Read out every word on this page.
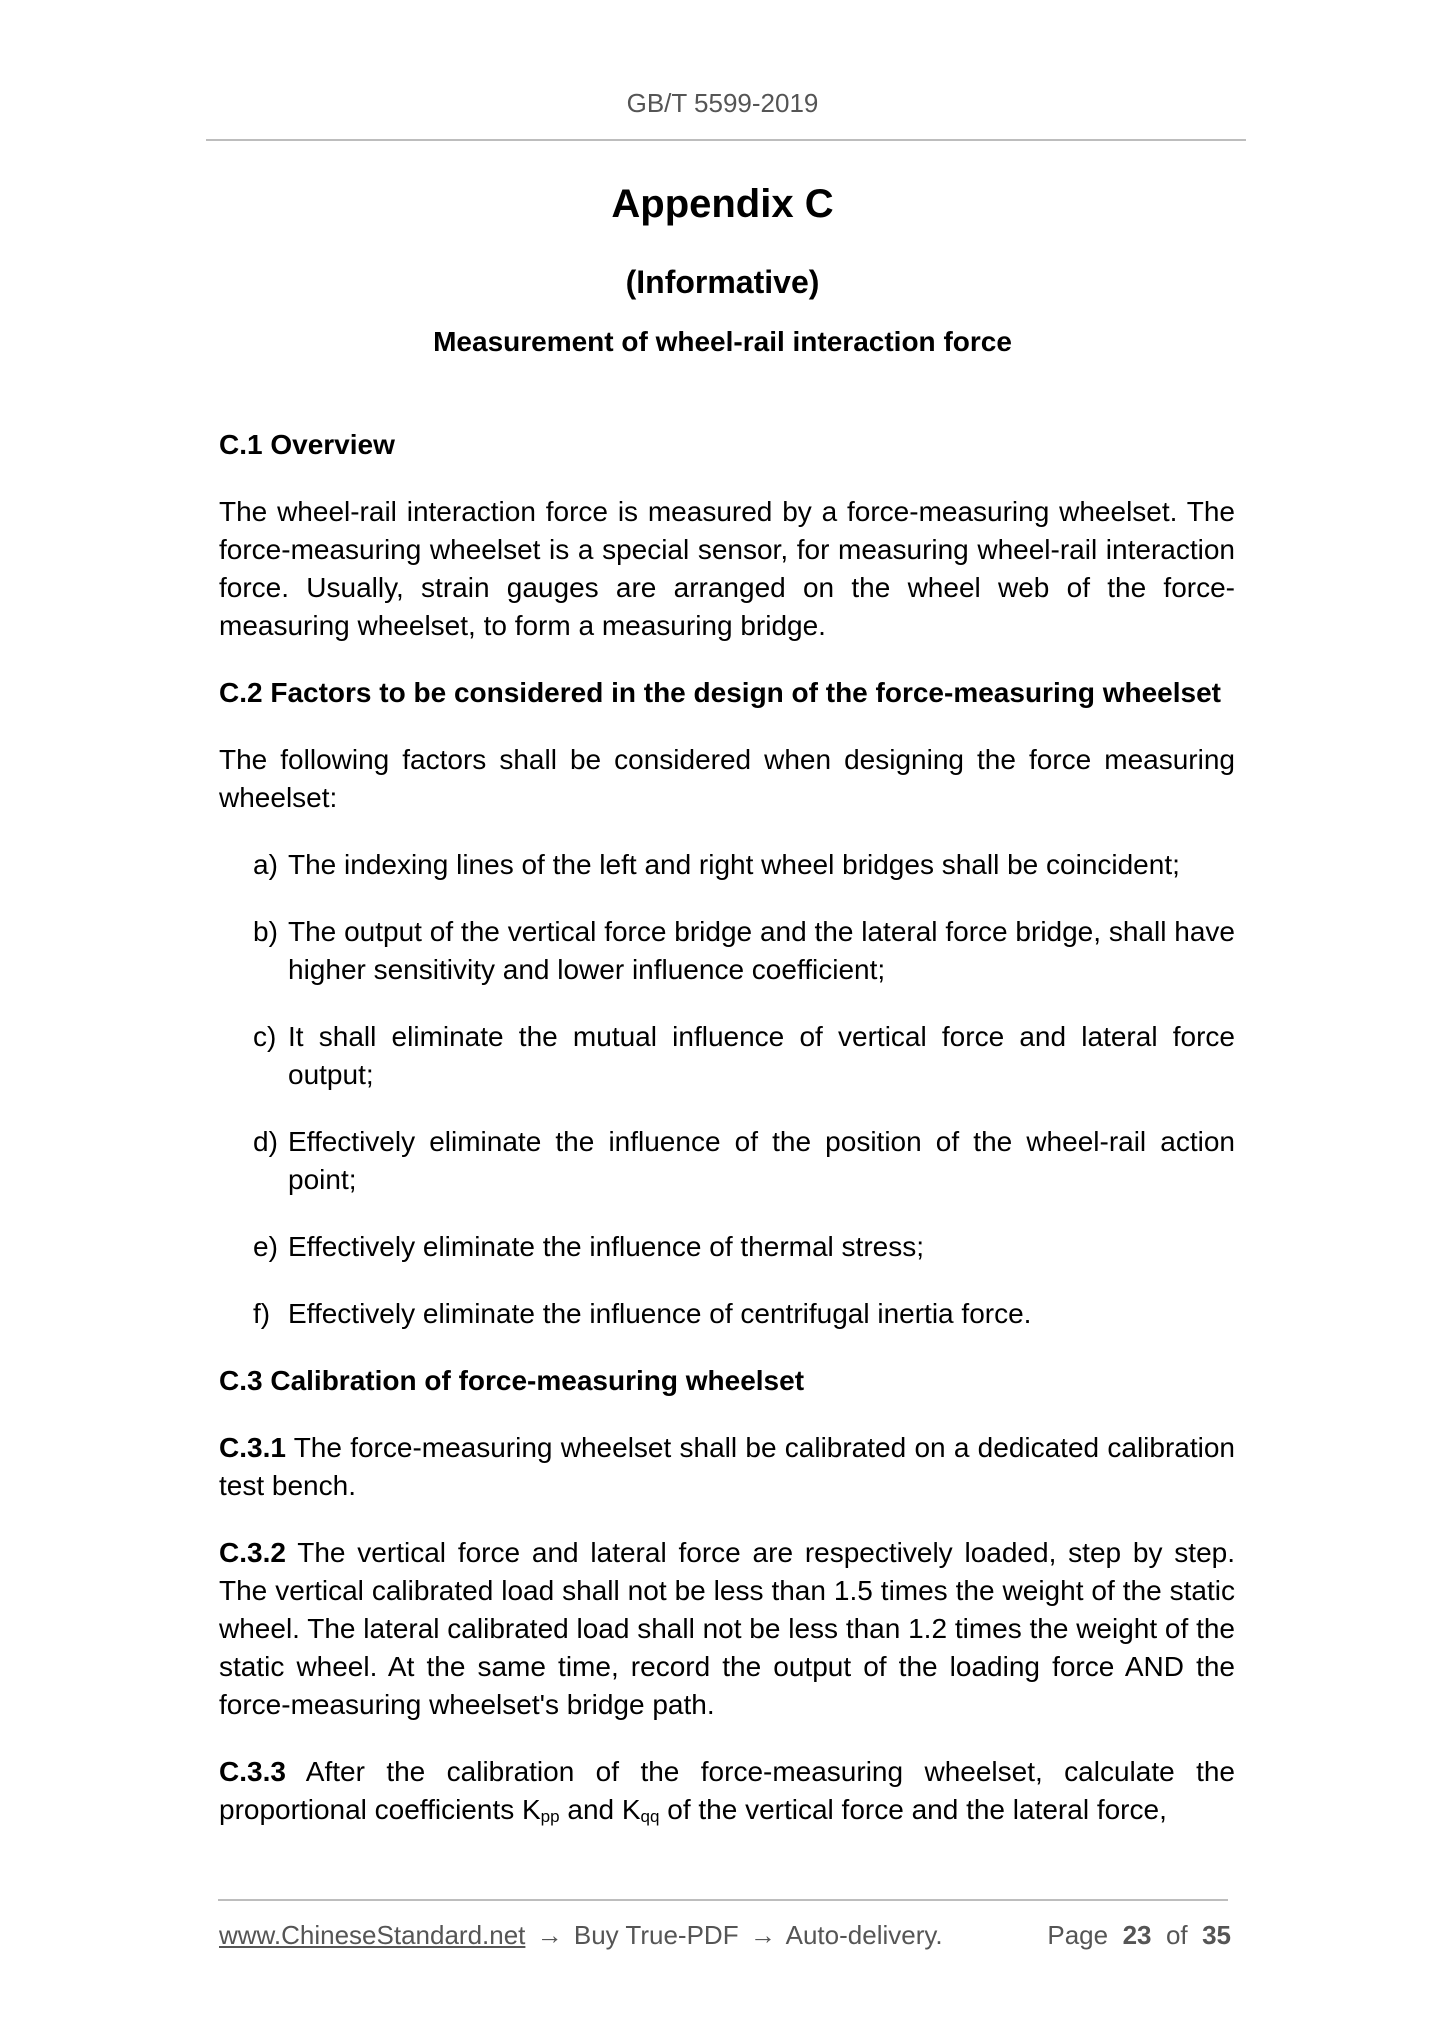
GB/T 5599-2019
Appendix C
(Informative)
Measurement of wheel-rail interaction force

C.1 Overview

The wheel-rail interaction force is measured by a force-measuring wheelset. The force-measuring wheelset is a special sensor, for measuring wheel-rail interaction force. Usually, strain gauges are arranged on the wheel web of the force-measuring wheelset, to form a measuring bridge.

C.2 Factors to be considered in the design of the force-measuring wheelset

The following factors shall be considered when designing the force measuring wheelset:

a) The indexing lines of the left and right wheel bridges shall be coincident;
b) The output of the vertical force bridge and the lateral force bridge, shall have higher sensitivity and lower influence coefficient;
c) It shall eliminate the mutual influence of vertical force and lateral force output;
d) Effectively eliminate the influence of the position of the wheel-rail action point;
e) Effectively eliminate the influence of thermal stress;
f) Effectively eliminate the influence of centrifugal inertia force.

C.3 Calibration of force-measuring wheelset

C.3.1 The force-measuring wheelset shall be calibrated on a dedicated calibration test bench.

C.3.2 The vertical force and lateral force are respectively loaded, step by step. The vertical calibrated load shall not be less than 1.5 times the weight of the static wheel. The lateral calibrated load shall not be less than 1.2 times the weight of the static wheel. At the same time, record the output of the loading force AND the force-measuring wheelset's bridge path.

C.3.3 After the calibration of the force-measuring wheelset, calculate the proportional coefficients $K_{pp}$ and $K_{qq}$ of the vertical force and the lateral force,

www.ChineseStandard.net → Buy True-PDF → Auto-delivery.	Page 23 of 35
